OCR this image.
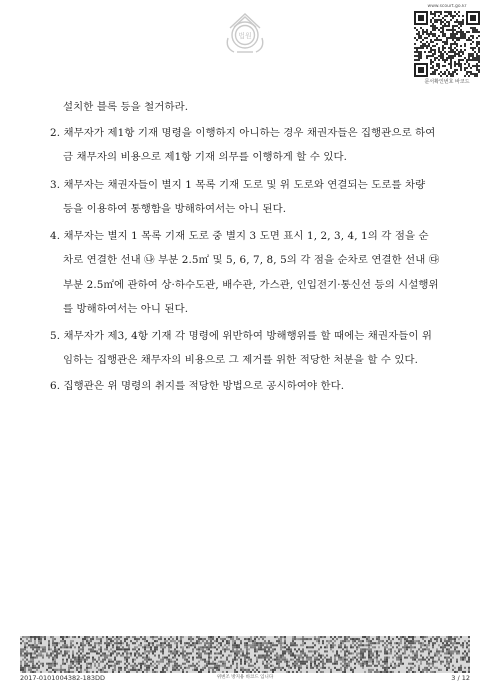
법원
www.scourt.go.kr
문서확인번호 바코드
설치한 블록 등을 철거하라.
2. 채무자가 제1항 기재 명령을 이행하지 아니하는 경우 채권자들은 집행관으로 하여
금 채무자의 비용으로 제1항 기재 의무를 이행하게 할 수 있다.
3. 채무자는 채권자들이 별지 1 목록 기재 도로 및 위 도로와 연결되는 도로를 차량
등을 이용하여 통행함을 방해하여서는 아니 된다.
4. 채무자는 별지 1 목록 기재 도로 중 별지 3 도면 표시 1, 2, 3, 4, 1의 각 점을 순
차로 연결한 선내 ㉯ 부분 2.5㎡ 및 5, 6, 7, 8, 5의 각 점을 순차로 연결한 선내 ㉰
부분 2.5㎡에 관하여 상·하수도관, 배수관, 가스관, 인입전기·통신선 등의 시설행위
를 방해하여서는 아니 된다.
5. 채무자가 제3, 4항 기재 각 명령에 위반하여 방해행위를 할 때에는 채권자들이 위
임하는 집행관은 채무자의 비용으로 그 제거를 위한 적당한 처분을 할 수 있다.
6. 집행관은 위 명령의 취지를 적당한 방법으로 공시하여야 한다.
2017-0101004382-183DD	위변조 방지용 바코드 입니다	3 / 12
